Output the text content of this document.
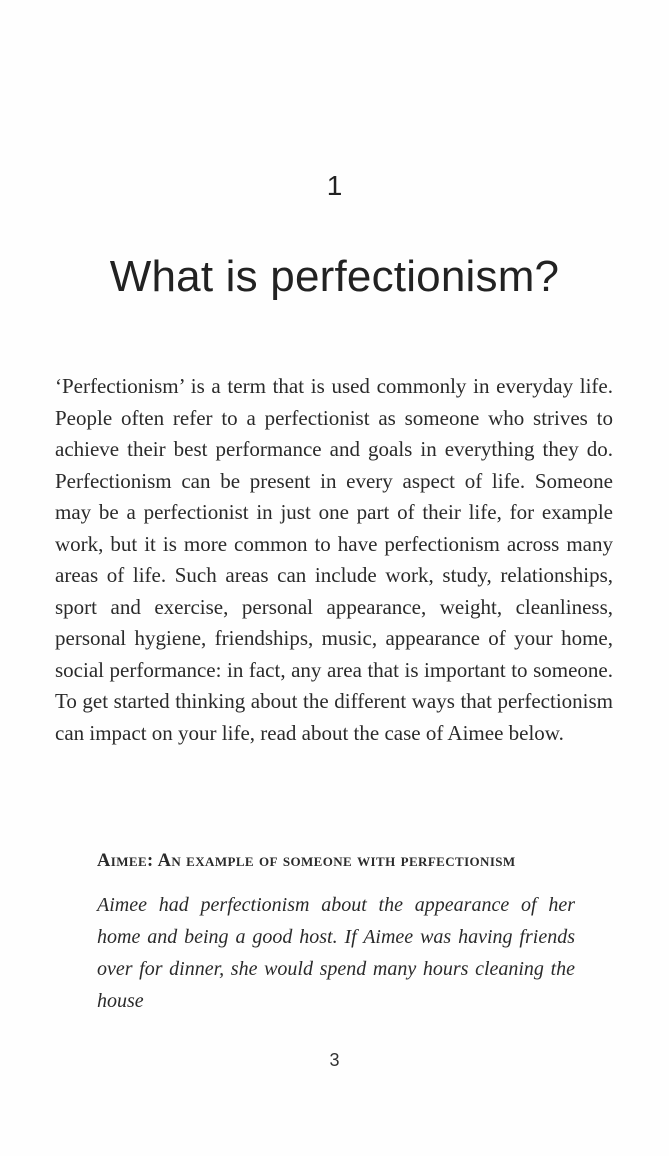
1
What is perfectionism?

‘Perfectionism’ is a term that is used commonly in everyday life. People often refer to a perfectionist as someone who strives to achieve their best performance and goals in everything they do. Perfectionism can be present in every aspect of life. Someone may be a perfectionist in just one part of their life, for example work, but it is more common to have perfectionism across many areas of life. Such areas can include work, study, relationships, sport and exercise, personal appearance, weight, cleanliness, personal hygiene, friendships, music, appearance of your home, social performance: in fact, any area that is important to someone. To get started thinking about the different ways that perfectionism can impact on your life, read about the case of Aimee below.

Aimee: An example of someone with perfectionism

Aimee had perfectionism about the appearance of her home and being a good host. If Aimee was having friends over for dinner, she would spend many hours cleaning the house

3
